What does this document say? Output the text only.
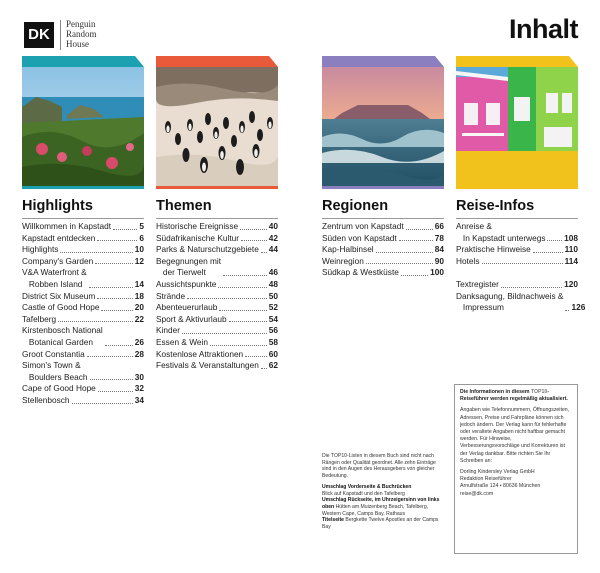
DK
Penguin
Random
House	Inhalt
Highlights
Willkommen in Kapstadt	5
Kapstadt entdecken	6
Highlights	10
Company's Garden	12
V&A Waterfront &
Robben Island	14
District Six Museum	18
Castle of Good Hope	20
Tafelberg	22
Kirstenbosch National
Botanical Garden	26
Groot Constantia	28
Simon's Town &
Boulders Beach	30
Cape of Good Hope	32
Stellenbosch	34
Themen
Historische Ereignisse	40
Südafrikanische Kultur	42
Parks & Naturschutzgebiete 44
Begegnungen mit
der Tierwelt	46
Aussichtspunkte	48
Strände	50
Abenteuerurlaub	52
Sport & Aktivurlaub	54
Kinder	56
Essen & Wein	58
Kostenlose Attraktionen	60
Festivals & Veranstaltungen 62
Regionen
Zentrum von Kapstadt	66
Süden von Kapstadt	78
Kap-Halbinsel	84
Weinregion	90
Südkap & Westküste	100
Reise-Infos
Anreise &
In Kapstadt unterwegs 108
Praktische Hinweise	110
Hotels	114
Textregister	120
Danksagung, Bildnachweis &
Impressum	126

Die TOP10-Listen in diesem Buch sind nicht nach Rängen oder Qualität geordnet. Alle zehn Einträge sind in den Augen des Herausgebers von gleicher Bedeutung.

Umschlag Vorderseite & Buchrücken
Blick auf Kapstadt und den Tafelberg
Umschlag Rückseite, im Uhrzeigersinn von links oben Hütten am Muizenberg Beach, Tafelberg, Western Cape, Camps Bay, Rathaus
Titelseite Bergkette Twelve Apostles an der Camps Bay
Die Informationen in diesem TOP10-Reiseführer werden regelmäßig aktualisiert.

Angaben wie Telefonnummern, Öffnungszeiten, Adressen, Preise und Fahrpläne können sich jedoch ändern. Der Verlag kann für fehlerhafte oder veraltete Angaben nicht haftbar gemacht werden. Für Hinweise, Verbesserungsvorschläge und Korrekturen ist der Verlag dankbar. Bitte richten Sie Ihr Schreiben an:

Dorling Kindersley Verlag GmbH
Redaktion Reiseführer
Arnulfstraße 124 • 80636 München
reise@dk.com
